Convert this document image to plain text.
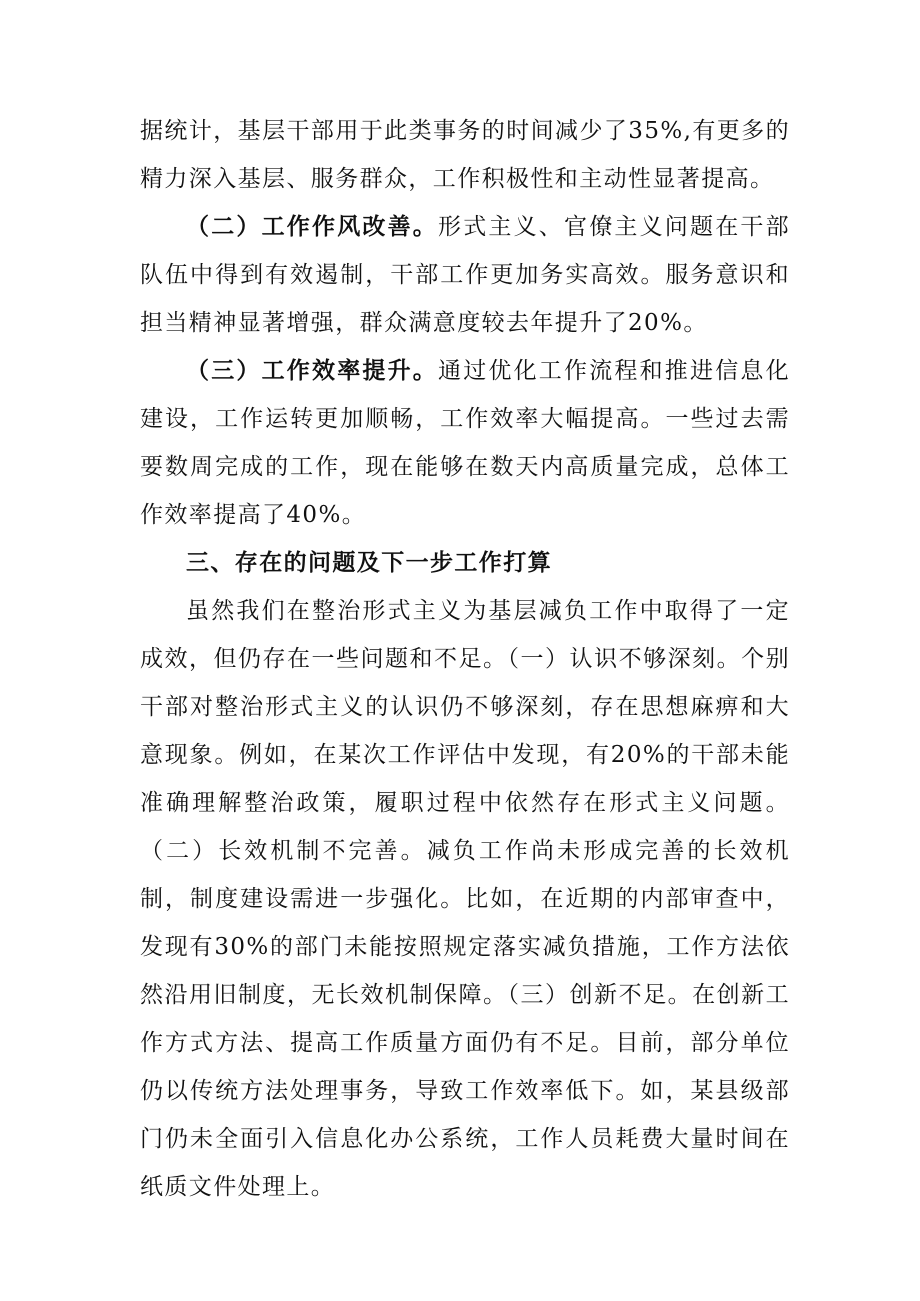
据统计，基层干部用于此类事务的时间减少了35%,有更多的精力深入基层、服务群众，工作积极性和主动性显著提高。

（二）工作作风改善。形式主义、官僚主义问题在干部队伍中得到有效遏制，干部工作更加务实高效。服务意识和担当精神显著增强，群众满意度较去年提升了20%。

（三）工作效率提升。通过优化工作流程和推进信息化建设，工作运转更加顺畅，工作效率大幅提高。一些过去需要数周完成的工作，现在能够在数天内高质量完成，总体工作效率提高了40%。

三、存在的问题及下一步工作打算

虽然我们在整治形式主义为基层减负工作中取得了一定成效，但仍存在一些问题和不足。（一）认识不够深刻。个别干部对整治形式主义的认识仍不够深刻，存在思想麻痹和大意现象。例如，在某次工作评估中发现，有20%的干部未能准确理解整治政策，履职过程中依然存在形式主义问题。（二）长效机制不完善。减负工作尚未形成完善的长效机制，制度建设需进一步强化。比如，在近期的内部审查中，发现有30%的部门未能按照规定落实减负措施，工作方法依然沿用旧制度，无长效机制保障。（三）创新不足。在创新工作方式方法、提高工作质量方面仍有不足。目前，部分单位仍以传统方法处理事务，导致工作效率低下。如，某县级部门仍未全面引入信息化办公系统，工作人员耗费大量时间在纸质文件处理上。
